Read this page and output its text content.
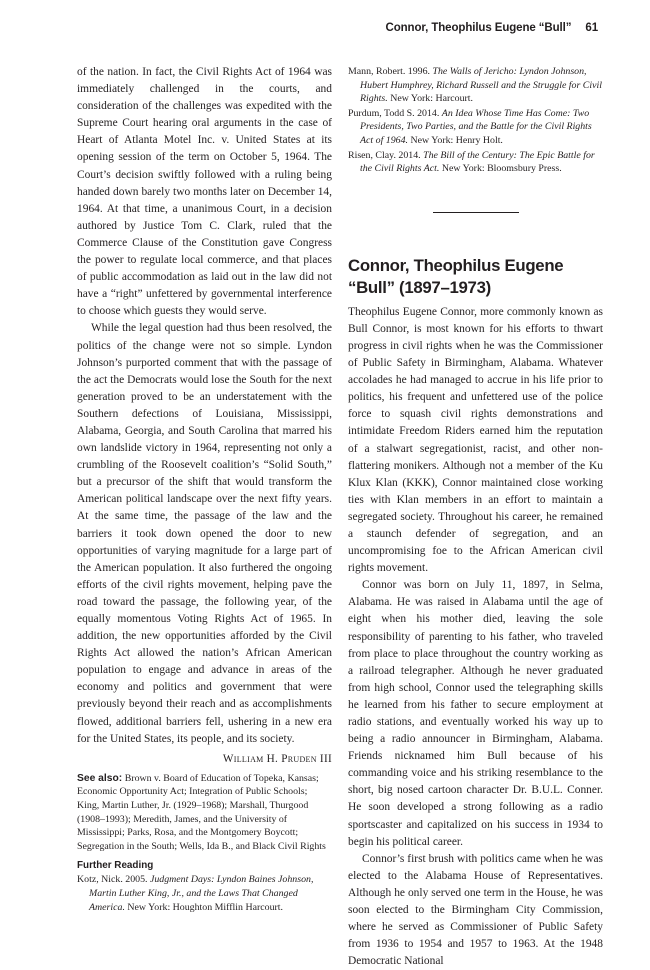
Connor, Theophilus Eugene “Bull” 61

of the nation. In fact, the Civil Rights Act of 1964 was immediately challenged in the courts, and consideration of the challenges was expedited with the Supreme Court hearing oral arguments in the case of Heart of Atlanta Motel Inc. v. United States at its opening session of the term on October 5, 1964. The Court’s decision swiftly followed with a ruling being handed down barely two months later on December 14, 1964. At that time, a unanimous Court, in a decision authored by Justice Tom C. Clark, ruled that the Commerce Clause of the Constitution gave Congress the power to regulate local commerce, and that places of public accommodation as laid out in the law did not have a “right” unfettered by governmental interference to choose which guests they would serve.

While the legal question had thus been resolved, the politics of the change were not so simple. Lyndon Johnson’s purported comment that with the passage of the act the Democrats would lose the South for the next generation proved to be an understatement with the Southern defections of Louisiana, Mississippi, Alabama, Georgia, and South Carolina that marred his own landslide victory in 1964, representing not only a crumbling of the Roosevelt coalition’s “Solid South,” but a precursor of the shift that would transform the American political landscape over the next fifty years. At the same time, the passage of the law and the barriers it took down opened the door to new opportunities of varying magnitude for a large part of the American population. It also furthered the ongoing efforts of the civil rights movement, helping pave the road toward the passage, the following year, of the equally momentous Voting Rights Act of 1965. In addition, the new opportunities afforded by the Civil Rights Act allowed the nation’s African American population to engage and advance in areas of the economy and politics and government that were previously beyond their reach and as accomplishments flowed, additional barriers fell, ushering in a new era for the United States, its people, and its society.

William H. Pruden III
See also: Brown v. Board of Education of Topeka, Kansas; Economic Opportunity Act; Integration of Public Schools; King, Martin Luther, Jr. (1929–1968); Marshall, Thurgood (1908–1993); Meredith, James, and the University of Mississippi; Parks, Rosa, and the Montgomery Boycott; Segregation in the South; Wells, Ida B., and Black Civil Rights
Further Reading
Kotz, Nick. 2005. Judgment Days: Lyndon Baines Johnson, Martin Luther King, Jr., and the Laws That Changed America. New York: Houghton Mifflin Harcourt.
Mann, Robert. 1996. The Walls of Jericho: Lyndon Johnson, Hubert Humphrey, Richard Russell and the Struggle for Civil Rights. New York: Harcourt.
Purdum, Todd S. 2014. An Idea Whose Time Has Come: Two Presidents, Two Parties, and the Battle for the Civil Rights Act of 1964. New York: Henry Holt.
Risen, Clay. 2014. The Bill of the Century: The Epic Battle for the Civil Rights Act. New York: Bloomsbury Press.
Connor, Theophilus Eugene “Bull” (1897–1973)

Theophilus Eugene Connor, more commonly known as Bull Connor, is most known for his efforts to thwart progress in civil rights when he was the Commissioner of Public Safety in Birmingham, Alabama. Whatever accolades he had managed to accrue in his life prior to politics, his frequent and unfettered use of the police force to squash civil rights demonstrations and intimidate Freedom Riders earned him the reputation of a stalwart segregationist, racist, and other non-flattering monikers. Although not a member of the Ku Klux Klan (KKK), Connor maintained close working ties with Klan members in an effort to maintain a segregated society. Throughout his career, he remained a staunch defender of segregation, and an uncompromising foe to the African American civil rights movement.

Connor was born on July 11, 1897, in Selma, Alabama. He was raised in Alabama until the age of eight when his mother died, leaving the sole responsibility of parenting to his father, who traveled from place to place throughout the country working as a railroad telegrapher. Although he never graduated from high school, Connor used the telegraphing skills he learned from his father to secure employment at radio stations, and eventually worked his way up to being a radio announcer in Birmingham, Alabama. Friends nicknamed him Bull because of his commanding voice and his striking resemblance to the short, big nosed cartoon character Dr. B.U.L. Conner. He soon developed a strong following as a radio sportscaster and capitalized on his success in 1934 to begin his political career.

Connor’s first brush with politics came when he was elected to the Alabama House of Representatives. Although he only served one term in the House, he was soon elected to the Birmingham City Commission, where he served as Commissioner of Public Safety from 1936 to 1954 and 1957 to 1963. At the 1948 Democratic National
